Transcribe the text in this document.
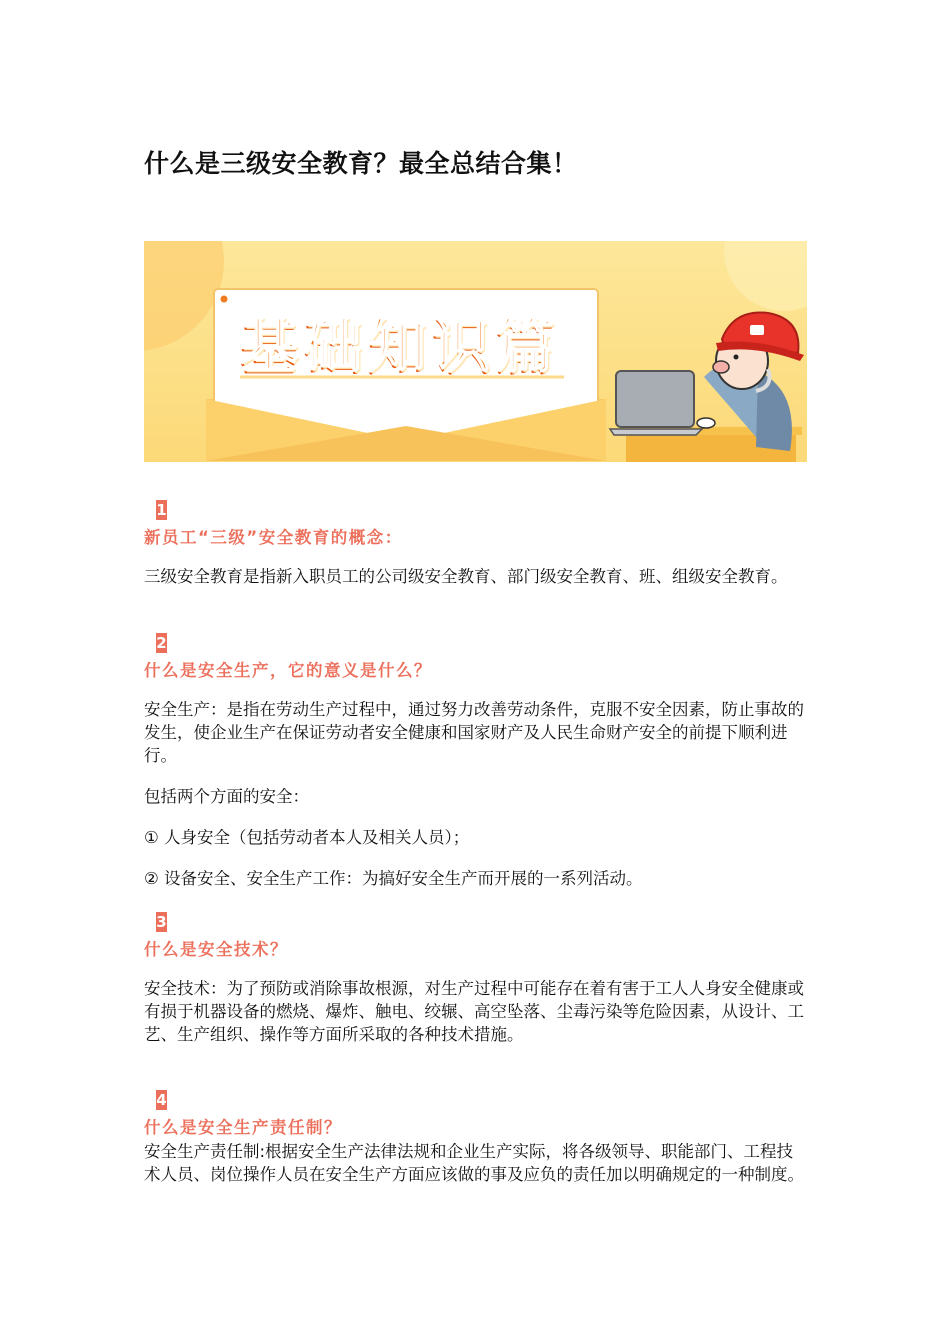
什么是三级安全教育？最全总结合集！
基础知识篇
1
新员工“三级”安全教育的概念：

三级安全教育是指新入职员工的公司级安全教育、部门级安全教育、班、组级安全教育。

2
什么是安全生产，它的意义是什么？

安全生产：是指在劳动生产过程中，通过努力改善劳动条件，克服不安全因素，防止事故的发生，使企业生产在保证劳动者安全健康和国家财产及人民生命财产安全的前提下顺利进行。

包括两个方面的安全：

① 人身安全（包括劳动者本人及相关人员）；

② 设备安全、安全生产工作：为搞好安全生产而开展的一系列活动。

3
什么是安全技术？

安全技术：为了预防或消除事故根源，对生产过程中可能存在着有害于工人人身安全健康或有损于机器设备的燃烧、爆炸、触电、绞辗、高空坠落、尘毒污染等危险因素，从设计、工艺、生产组织、操作等方面所采取的各种技术措施。

4
什么是安全生产责任制？

安全生产责任制:根据安全生产法律法规和企业生产实际，将各级领导、职能部门、工程技术人员、岗位操作人员在安全生产方面应该做的事及应负的责任加以明确规定的一种制度。
